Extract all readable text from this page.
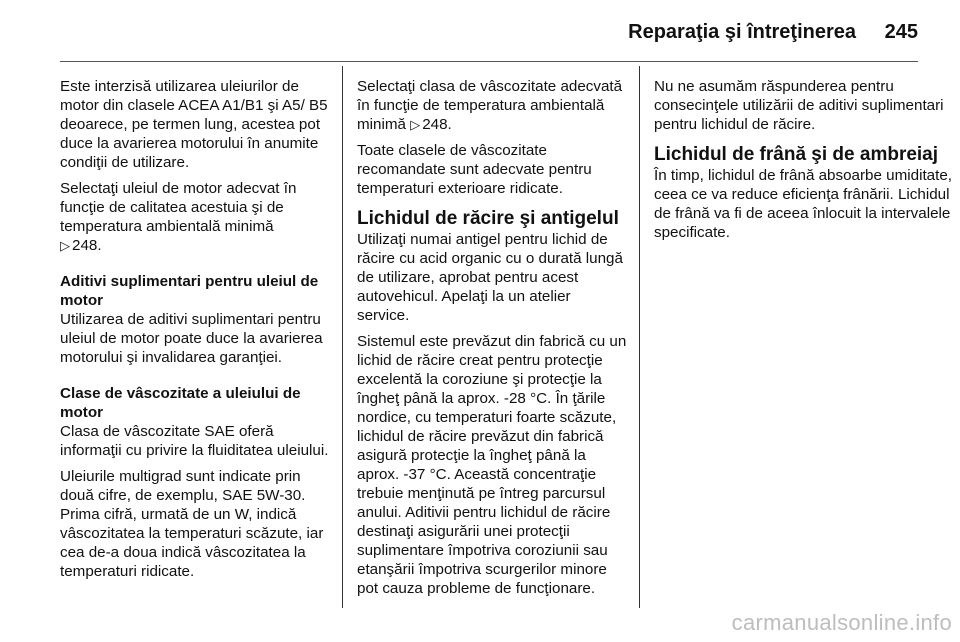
Reparaţia şi întreţinerea 245

Este interzisă utilizarea uleiurilor de motor din clasele ACEA A1/B1 şi A5/ B5 deoarece, pe termen lung, acestea pot duce la avarierea motorului în anumite condiţii de utilizare.

Selectaţi uleiul de motor adecvat în funcţie de calitatea acestuia şi de temperatura ambientală minimă
▷ 248.

Aditivi suplimentari pentru uleiul de motor

Utilizarea de aditivi suplimentari pentru uleiul de motor poate duce la avarierea motorului şi invalidarea garanţiei.

Clase de vâscozitate a uleiului de motor

Clasa de vâscozitate SAE oferă informaţii cu privire la fluiditatea uleiului.

Uleiurile multigrad sunt indicate prin două cifre, de exemplu, SAE 5W-30. Prima cifră, urmată de un W, indică vâscozitatea la temperaturi scăzute, iar cea de-a doua indică vâscozitatea la temperaturi ridicate.

Selectaţi clasa de vâscozitate adecvată în funcţie de temperatura ambientală minimă ▷ 248.

Toate clasele de vâscozitate recomandate sunt adecvate pentru temperaturi exterioare ridicate.

Lichidul de răcire şi antigelul

Utilizaţi numai antigel pentru lichid de răcire cu acid organic cu o durată lungă de utilizare, aprobat pentru acest autovehicul. Apelaţi la un atelier service.

Sistemul este prevăzut din fabrică cu un lichid de răcire creat pentru protecţie excelentă la coroziune şi protecţie la îngheţ până la aprox. -28 °C. În ţările nordice, cu temperaturi foarte scăzute, lichidul de răcire prevăzut din fabrică asigură protecţie la îngheţ până la aprox. -37 °C. Această concentraţie trebuie menţinută pe întreg parcursul anului. Aditivii pentru lichidul de răcire destinaţi asigurării unei protecţii suplimentare împotriva coroziunii sau etanşării împotriva scurgerilor minore pot cauza probleme de funcţionare.

Nu ne asumăm răspunderea pentru consecinţele utilizării de aditivi suplimentari pentru lichidul de răcire.

Lichidul de frână şi de ambreiaj

În timp, lichidul de frână absoarbe umiditate, ceea ce va reduce eficienţa frânării. Lichidul de frână va fi de aceea înlocuit la intervalele specificate.

carmanualsonline.info
